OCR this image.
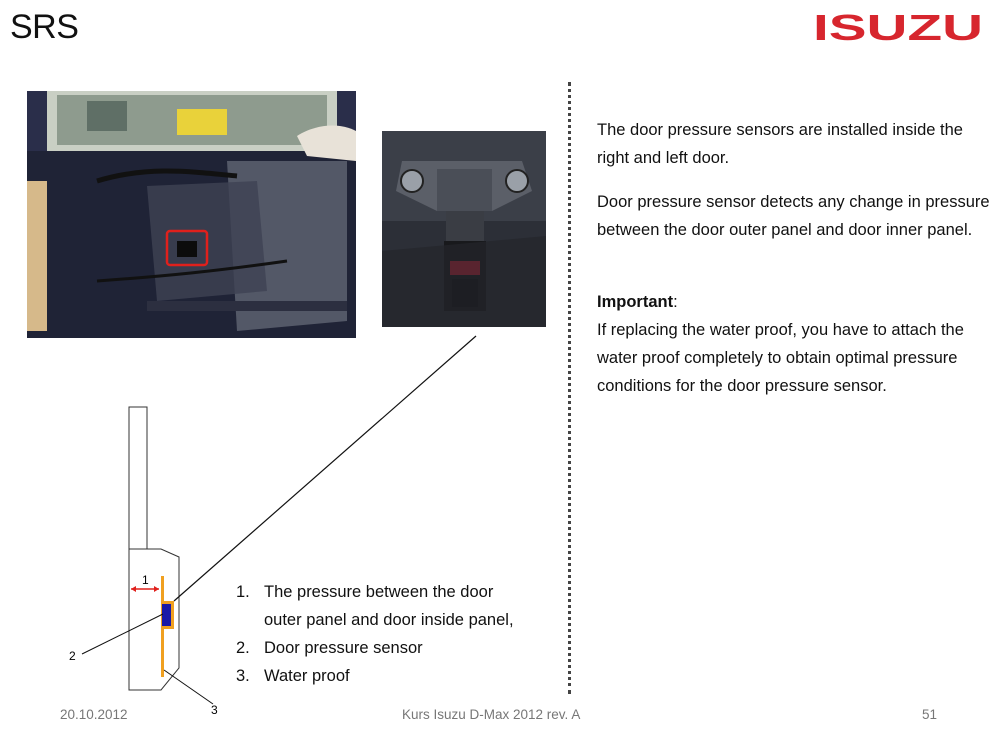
SRS	ISUZU
The door pressure sensors are installed inside the right and left door.
Door pressure sensor detects any change in pressure between the door outer panel and door inner panel.
Important:
If replacing the water proof, you have to attach the water proof completely to obtain optimal pressure conditions for the door pressure sensor.
1
2
3
1. The pressure between the door
outer panel and door inside panel,
2. Door pressure sensor
3. Water proof
20.10.2012	Kurs Isuzu D-Max 2012 rev. A	51
